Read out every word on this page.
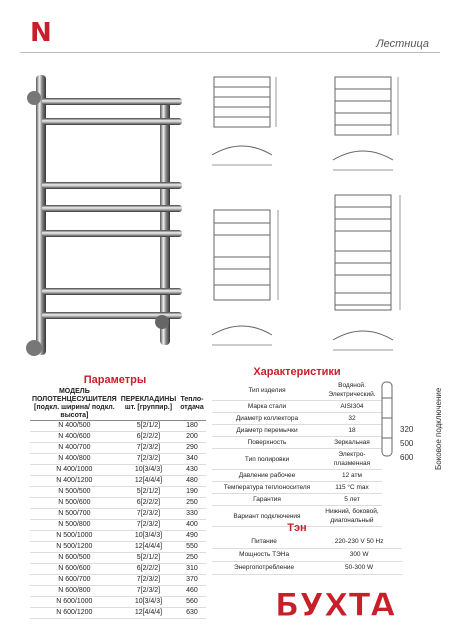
N	Лестница
Параметры
МОДЕЛЬ ПОЛОТЕНЦЕСУШИТЕЛЯ [подкл. ширина/ подкл. высота]	ПЕРЕКЛАДИНЫ шт. [группир.]	Тепло- отдача
N 400/500	5[2/1/2]	180
N 400/600	6[2/2/2]	200
N 400/700	7[2/3/2]	290
N 400/800	7[2/3/2]	340
N 400/1000	10[3/4/3]	430
N 400/1200	12[4/4/4]	480
N 500/500	5[2/1/2]	190
N 500/600	6[2/2/2]	250
N 500/700	7[2/3/2]	330
N 500/800	7[2/3/2]	400
N 500/1000	10[3/4/3]	490
N 500/1200	12[4/4/4]	550
N 600/500	5[2/1/2]	250
N 600/600	6[2/2/2]	310
N 600/700	7[2/3/2]	370
N 600/800	7[2/3/2]	460
N 600/1000	10[3/4/3]	560
N 600/1200	12[4/4/4]	630
Характеристики
Тип изделия	Водяной. Электрический.
Марка стали	AISI304
Диаметр коллектора	32
Диаметр перемычки	18
Поверхность	Зеркальная
Тип полировки	Электро-плазменная
Давление рабочее	12 атм
Температура теплоносителя	115 °C max
Гарантия	5 лет
Вариант подключения	Нижний, боковой, диагональный
320
500
600	Боковое подключение
Тэн
Питание	220-230 V 50 Hz
Мощность ТЭНа	300 W
Энергопотребление	50-300 W
БУХТА
